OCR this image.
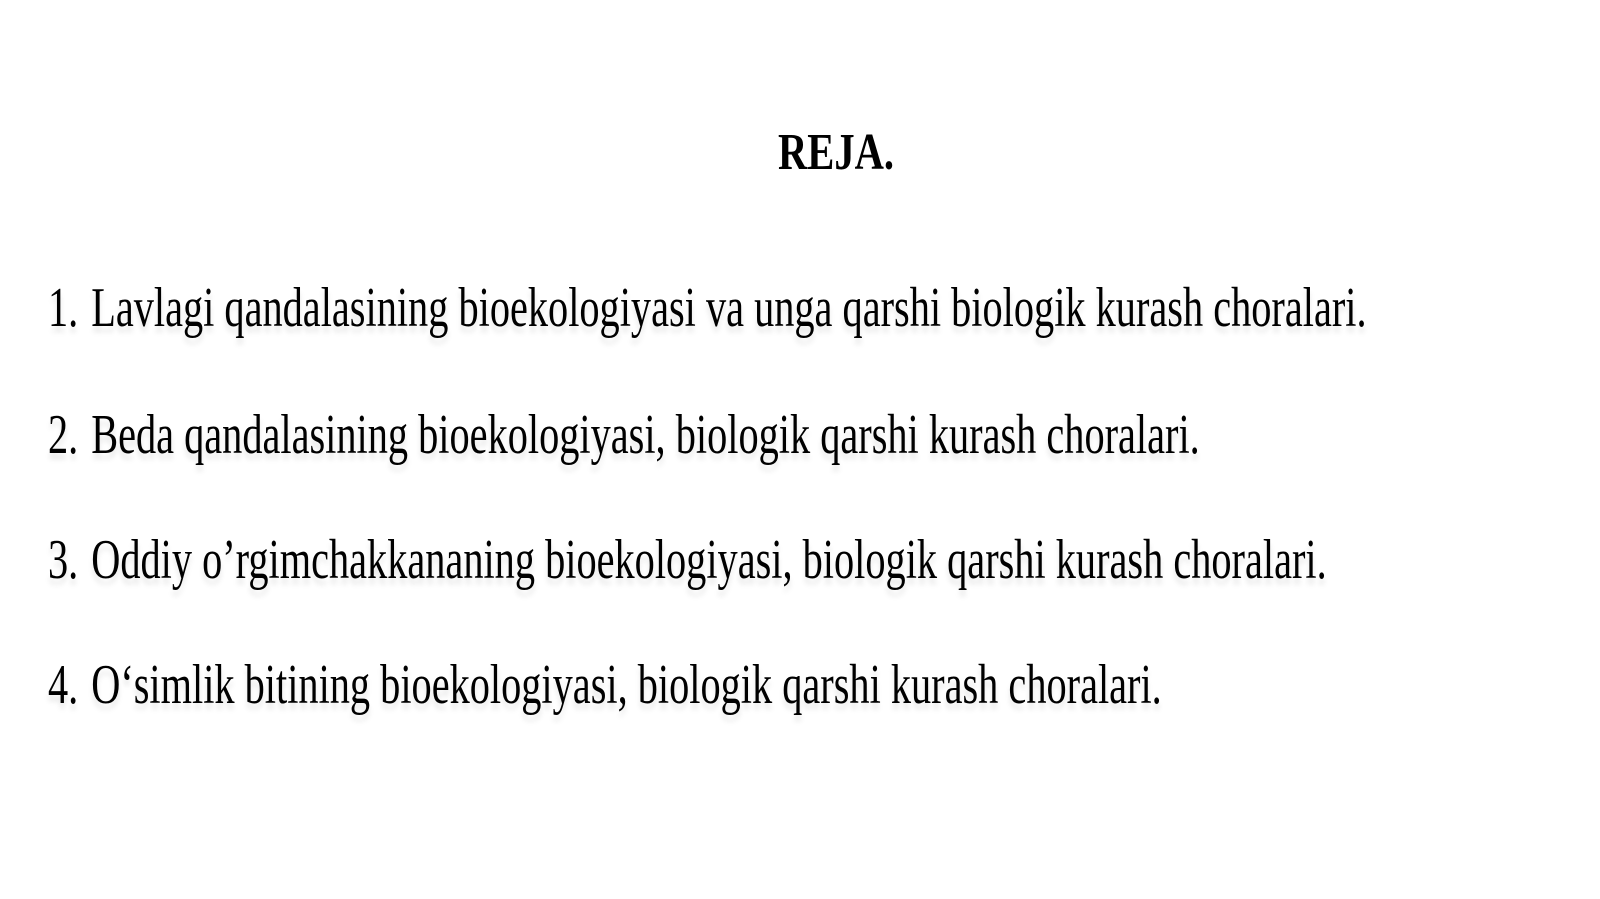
REJA.
1. Lavlagi qandalasining bioekologiyasi va unga qarshi biologik kurash choralari.
2. Beda qandalasining bioekologiyasi, biologik qarshi kurash choralari.
3. Oddiy o’rgimchakkananing bioekologiyasi, biologik qarshi kurash choralari.
4. O‘simlik bitining bioekologiyasi, biologik qarshi kurash choralari.
